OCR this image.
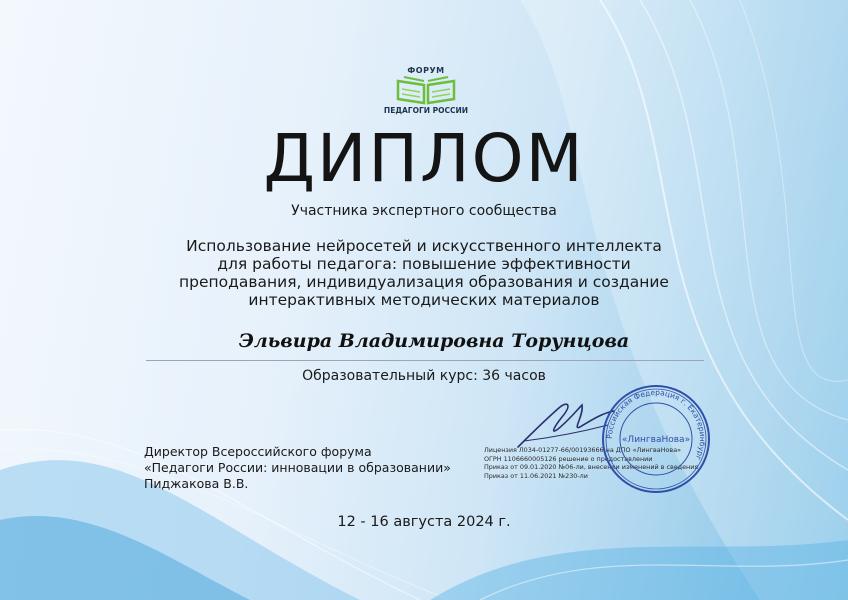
ФОРУМ
ПЕДАГОГИ РОССИИ
ДИПЛОМ
Участника экспертного сообщества
Использование нейросетей и искусственного интеллекта
для работы педагога: повышение эффективности
преподавания, индивидуализация образования и создание
интерактивных методических материалов
Эльвира Владимировна Торунцова
Образовательный курс: 36 часов
Директор Всероссийского форума
«Педагоги России: инновации в образовании»
Пиджакова В.В.
Лицензия Л034-01277-66/00193666 на ДПО «ЛингваНова»
ОГРН 1106660005126 решение о предоставлении
Приказ от 09.01.2020 №06-ли, внесении изменений в сведения
Приказ от 11.06.2021 №230-ли
Российская Федерация г. Екатеринбург
«ЛингваНова»
12 - 16 августа 2024 г.
